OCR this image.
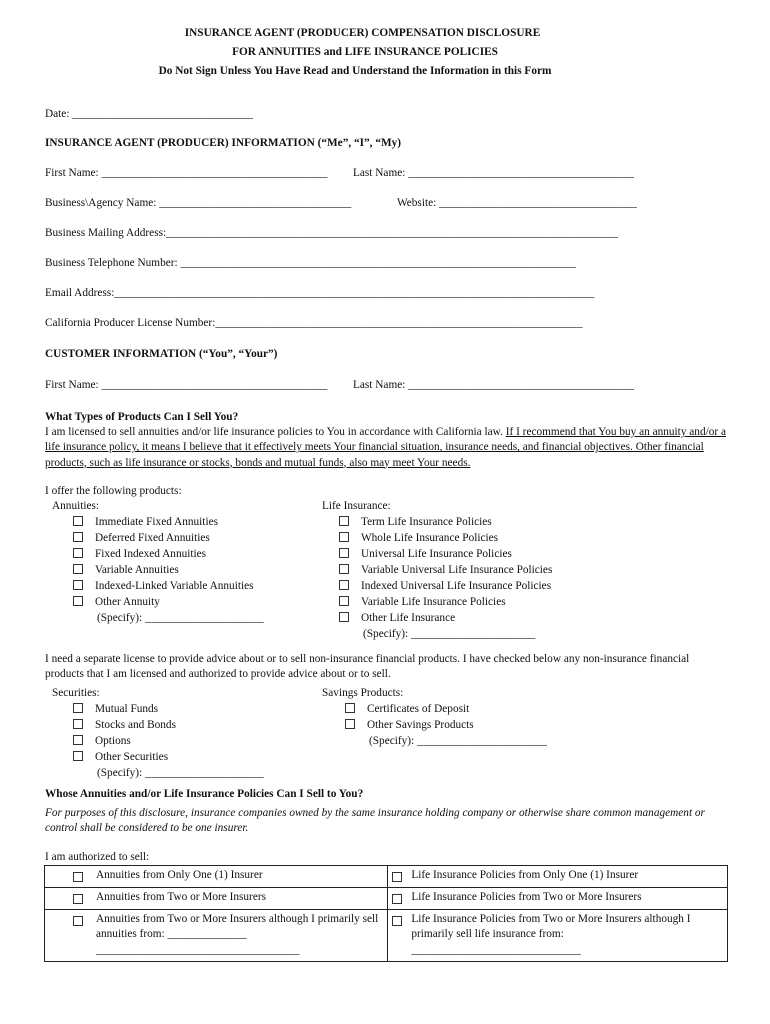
INSURANCE AGENT (PRODUCER) COMPENSATION DISCLOSURE
FOR ANNUITIES and LIFE INSURANCE POLICIES
Do Not Sign Unless You Have Read and Understand the Information in this Form
Date: ________________________________
INSURANCE AGENT (PRODUCER) INFORMATION (“Me”, “I”, “My)
First Name: ________________________________________ Last Name: ________________________________________
Business\Agency Name: __________________________________	Website: ___________________________________
Business Mailing Address:________________________________________________________________________________
Business Telephone Number: ______________________________________________________________________
Email Address:_____________________________________________________________________________________
California Producer License Number:_________________________________________________________________
CUSTOMER INFORMATION (“You”, “Your”)
First Name: ________________________________________ Last Name: ________________________________________
What Types of Products Can I Sell You?
I am licensed to sell annuities and/or life insurance policies to You in accordance with California law. If I recommend that You buy an annuity and/or a life insurance policy, it means I believe that it effectively meets Your financial situation, insurance needs, and financial objectives. Other financial products, such as life insurance or stocks, bonds and mutual funds, also may meet Your needs.
I offer the following products:
Annuities:
Immediate Fixed Annuities
Deferred Fixed Annuities
Fixed Indexed Annuities
Variable Annuities
Indexed-Linked Variable Annuities
Other Annuity
(Specify): _____________________
Life Insurance:
Term Life Insurance Policies
Whole Life Insurance Policies
Universal Life Insurance Policies
Variable Universal Life Insurance Policies
Indexed Universal Life Insurance Policies
Variable Life Insurance Policies
Other Life Insurance
(Specify): ______________________
I need a separate license to provide advice about or to sell non-insurance financial products. I have checked below any non-insurance financial products that I am licensed and authorized to provide advice about or to sell.
Securities:
Mutual Funds
Stocks and Bonds
Options
Other Securities
(Specify): _____________________
Savings Products:
Certificates of Deposit
Other Savings Products
(Specify): _______________________
Whose Annuities and/or Life Insurance Policies Can I Sell to You?
For purposes of this disclosure, insurance companies owned by the same insurance holding company or otherwise share common management or control shall be considered to be one insurer.
I am authorized to sell:
Annuities from Only One (1) Insurer	Life Insurance Policies from Only One (1) Insurer

Annuities from Two or More Insurers	Life Insurance Policies from Two or More Insurers

Annuities from Two or More Insurers although I primarily sell annuities from: ______________ ____________________________________	Life Insurance Policies from Two or More Insurers although I primarily sell life insurance from: ______________________________
